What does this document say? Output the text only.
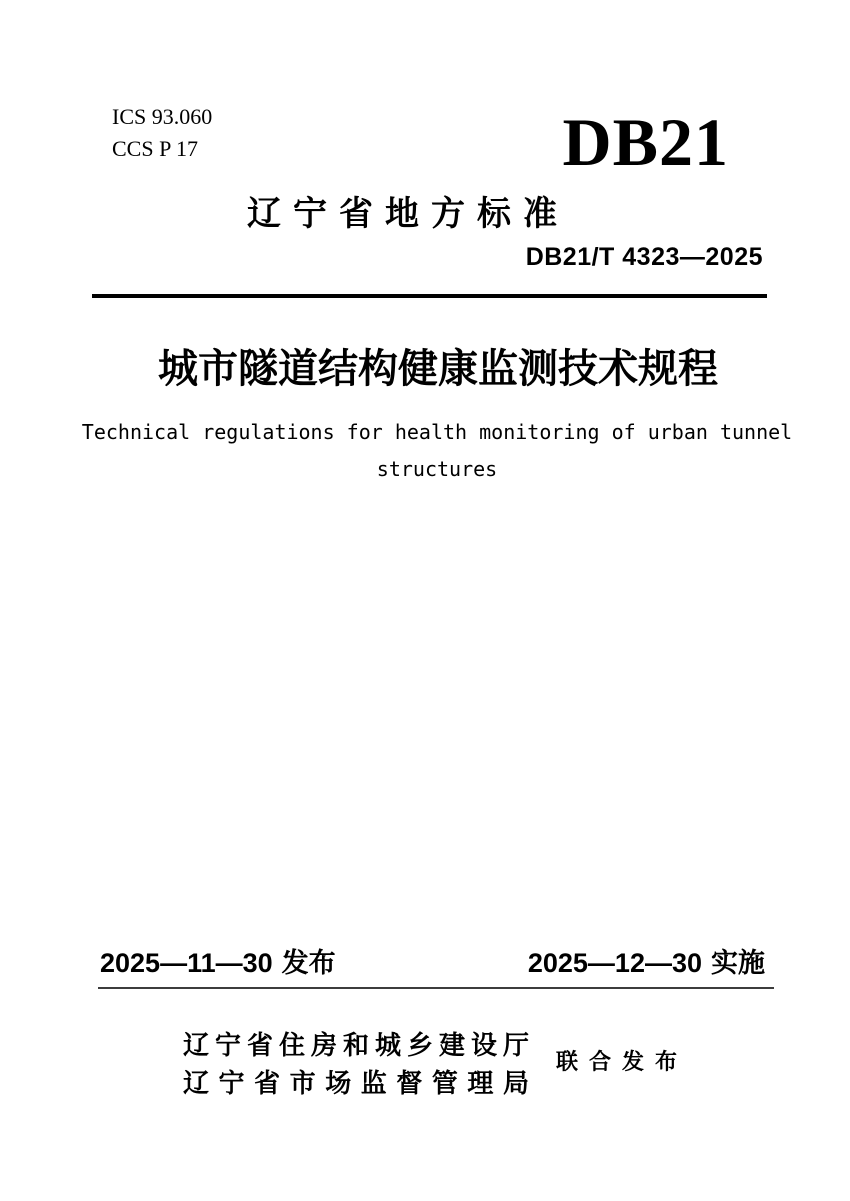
ICS 93.060
CCS P 17	DB21
辽宁省地方标准
DB21/T 4323—2025
城市隧道结构健康监测技术规程
Technical regulations for health monitoring of urban tunnel
structures
2025—11—30 发布	2025—12—30 实施
辽宁省住房和城乡建设厅
辽宁省市场监督管理局
联合发布
